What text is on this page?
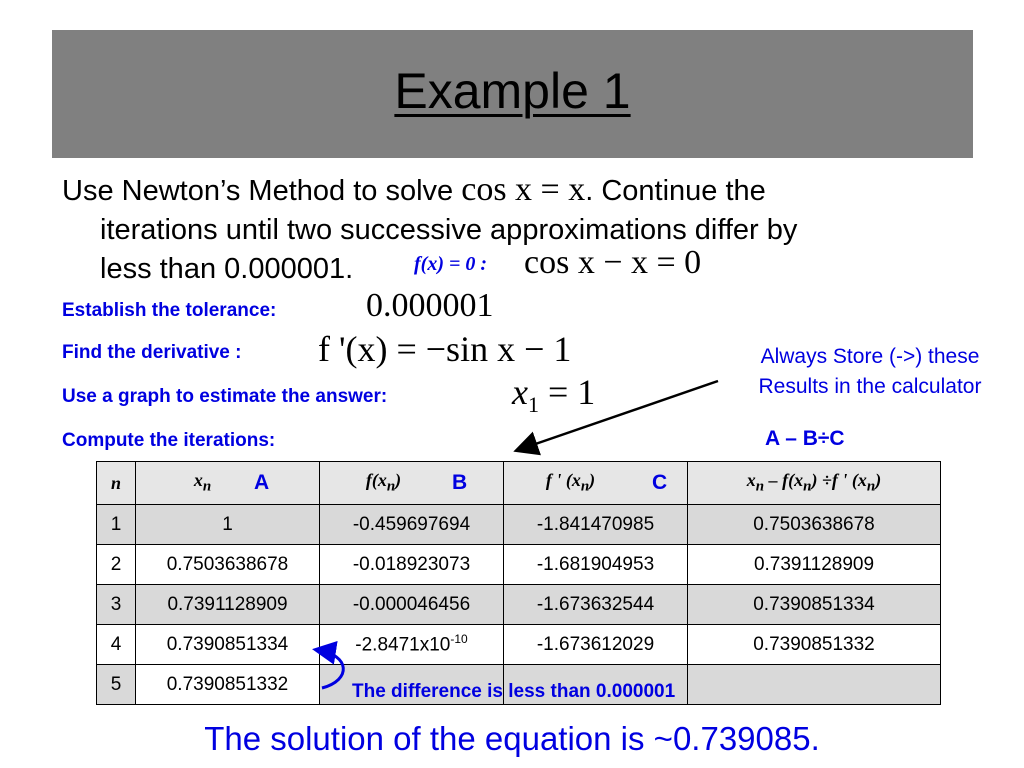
Example 1
Use Newton’s Method to solve cos x = x. Continue the
iterations until two successive approximations differ by
less than 0.000001.	f(x) = 0 : cos x − x = 0
Establish the tolerance:	0.000001
Find the derivative : f '(x) = −sin x − 1
Use a graph to estimate the answer:	$x_1 = 1$
Compute the iterations:
Always Store (->) these
Results in the calculator
A – B÷C
n	$x_n$ A	$f(x_n)$ B	f ' $(x_n)$ C	$x_n - f(x_n) \div f$ ' $(x_n)$
1	1	-0.459697694	-1.841470985	0.7503638678
2	0.7503638678	-0.018923073	-1.681904953	0.7391128909
3	0.7391128909	-0.000046456	-1.673632544	0.7390851334
4	0.7390851334	$-2.8471x10^{-10}$	-1.673612029	0.7390851332
5	0.7390851332				The difference is less than 0.000001
The solution of the equation is ~0.739085.
